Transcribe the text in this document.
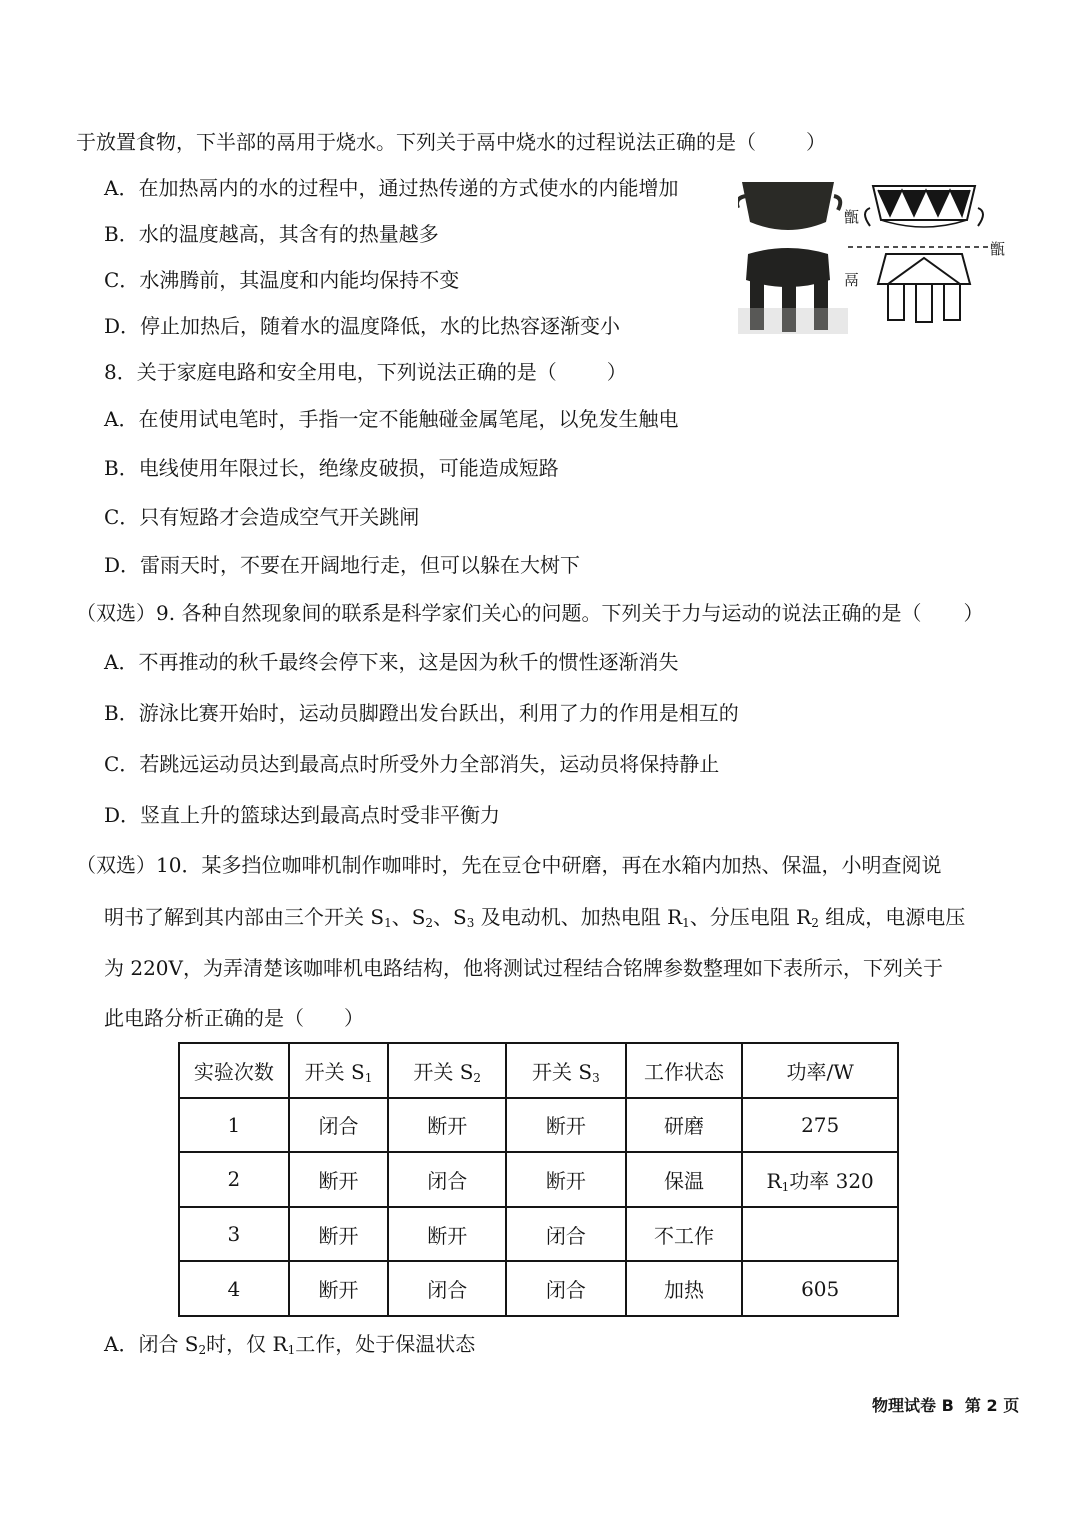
于放置食物，下半部的鬲用于烧水。下列关于鬲中烧水的过程说法正确的是（	）
A．在加热鬲内的水的过程中，通过热传递的方式使水的内能增加
B．水的温度越高，其含有的热量越多
C．水沸腾前，其温度和内能均保持不变
D．停止加热后，随着水的温度降低，水的比热容逐渐变小
甑
鬲
甑
8．关于家庭电路和安全用电，下列说法正确的是（	）
A．在使用试电笔时，手指一定不能触碰金属笔尾，以免发生触电
B．电线使用年限过长，绝缘皮破损，可能造成短路
C．只有短路才会造成空气开关跳闸
D．雷雨天时，不要在开阔地行走，但可以躲在大树下
（双选）9. 各种自然现象间的联系是科学家们关心的问题。下列关于力与运动的说法正确的是（ ）
A．不再推动的秋千最终会停下来，这是因为秋千的惯性逐渐消失
B．游泳比赛开始时，运动员脚蹬出发台跃出，利用了力的作用是相互的
C．若跳远运动员达到最高点时所受外力全部消失，运动员将保持静止
D．竖直上升的篮球达到最高点时受非平衡力
（双选）10．某多挡位咖啡机制作咖啡时，先在豆仓中研磨，再在水箱内加热、保温，小明查阅说
明书了解到其内部由三个开关 $S_1$、$S_2$、$S_3$ 及电动机、加热电阻 $R_1$、分压电阻 $R_2$ 组成，电源电压
为 220V，为弄清楚该咖啡机电路结构，他将测试过程结合铭牌参数整理如下表所示，下列关于
此电路分析正确的是（ ）
实验次数	开关 $S_1$	开关 $S_2$	开关 $S_3$	工作状态	功率/W
1	闭合	断开	断开	研磨	275
2	断开	闭合	断开	保温	$R_1$功率 320
3	断开	断开	闭合	不工作	
4	断开	闭合	闭合	加热	605
A．闭合 $S_2$时，仅 $R_1$工作，处于保温状态
物理试卷 B 第 2 页
